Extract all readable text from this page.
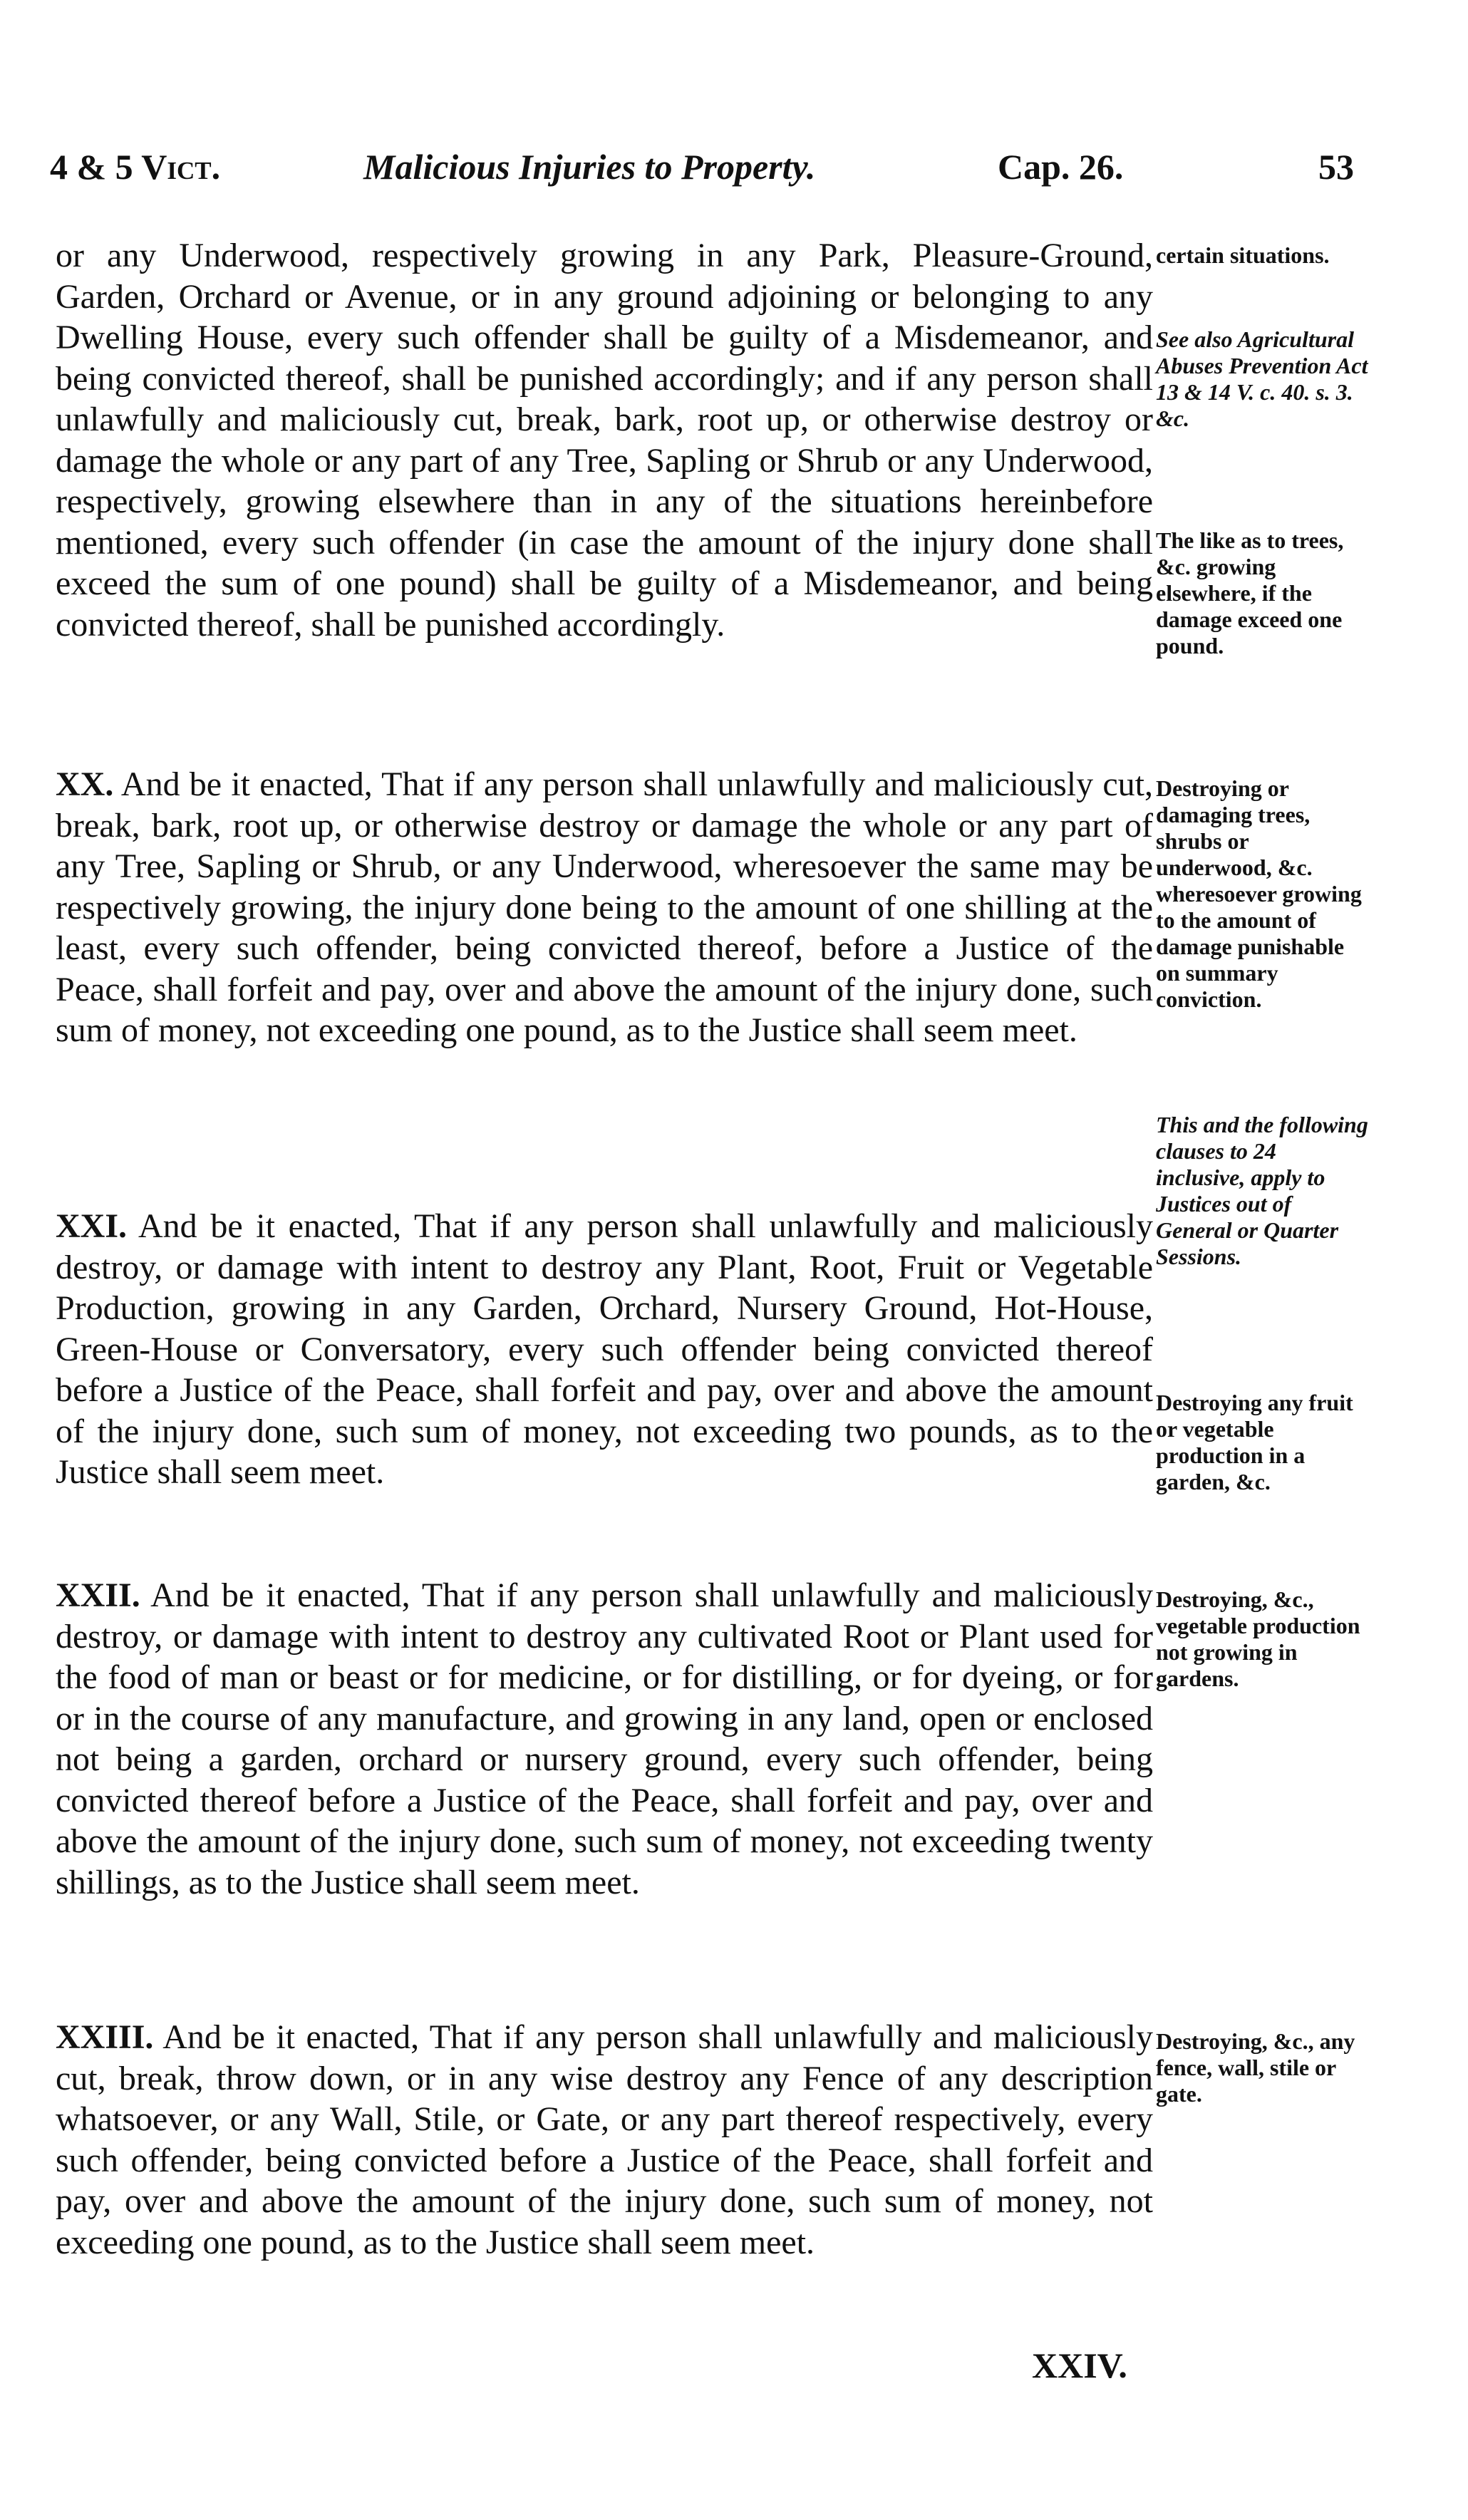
4 & 5 Vict.	Malicious Injuries to Property.	Cap. 26.	53

or any Underwood, respectively growing in any Park, Pleasure-Ground, Garden, Orchard or Avenue, or in any ground adjoining or belonging to any Dwelling House, every such offender shall be guilty of a Misdemeanor, and being convicted thereof, shall be punished accordingly; and if any person shall unlawfully and maliciously cut, break, bark, root up, or otherwise destroy or damage the whole or any part of any Tree, Sapling or Shrub or any Underwood, respectively, growing elsewhere than in any of the situations hereinbefore mentioned, every such offender (in case the amount of the injury done shall exceed the sum of one pound) shall be guilty of a Misdemeanor, and being convicted thereof, shall be punished accordingly.

XX. And be it enacted, That if any person shall unlawfully and maliciously cut, break, bark, root up, or otherwise destroy or damage the whole or any part of any Tree, Sapling or Shrub, or any Underwood, wheresoever the same may be respectively growing, the injury done being to the amount of one shilling at the least, every such offender, being convicted thereof, before a Justice of the Peace, shall forfeit and pay, over and above the amount of the injury done, such sum of money, not exceeding one pound, as to the Justice shall seem meet.

XXI. And be it enacted, That if any person shall unlawfully and maliciously destroy, or damage with intent to destroy any Plant, Root, Fruit or Vegetable Production, growing in any Garden, Orchard, Nursery Ground, Hot-House, Green-House or Conversatory, every such offender being convicted thereof before a Justice of the Peace, shall forfeit and pay, over and above the amount of the injury done, such sum of money, not exceeding two pounds, as to the Justice shall seem meet.

XXII. And be it enacted, That if any person shall unlawfully and maliciously destroy, or damage with intent to destroy any cultivated Root or Plant used for the food of man or beast or for medicine, or for distilling, or for dyeing, or for or in the course of any manufacture, and growing in any land, open or enclosed not being a garden, orchard or nursery ground, every such offender, being convicted thereof before a Justice of the Peace, shall forfeit and pay, over and above the amount of the injury done, such sum of money, not exceeding twenty shillings, as to the Justice shall seem meet.

XXIII. And be it enacted, That if any person shall unlawfully and maliciously cut, break, throw down, or in any wise destroy any Fence of any description whatsoever, or any Wall, Stile, or Gate, or any part thereof respectively, every such offender, being convicted before a Justice of the Peace, shall forfeit and pay, over and above the amount of the injury done, such sum of money, not exceeding one pound, as to the Justice shall seem meet.

certain situations.
See also Agricultural Abuses Prevention Act 13 & 14 V. c. 40. s. 3. &c.
The like as to trees, &c. growing elsewhere, if the damage exceed one pound.
Destroying or damaging trees, shrubs or underwood, &c. wheresoever growing to the amount of damage punishable on summary conviction.
This and the following clauses to 24 inclusive, apply to Justices out of General or Quarter Sessions.
Destroying any fruit or vegetable production in a garden, &c.
Destroying, &c., vegetable production not growing in gardens.
Destroying, &c., any fence, wall, stile or gate.
XXIV.
